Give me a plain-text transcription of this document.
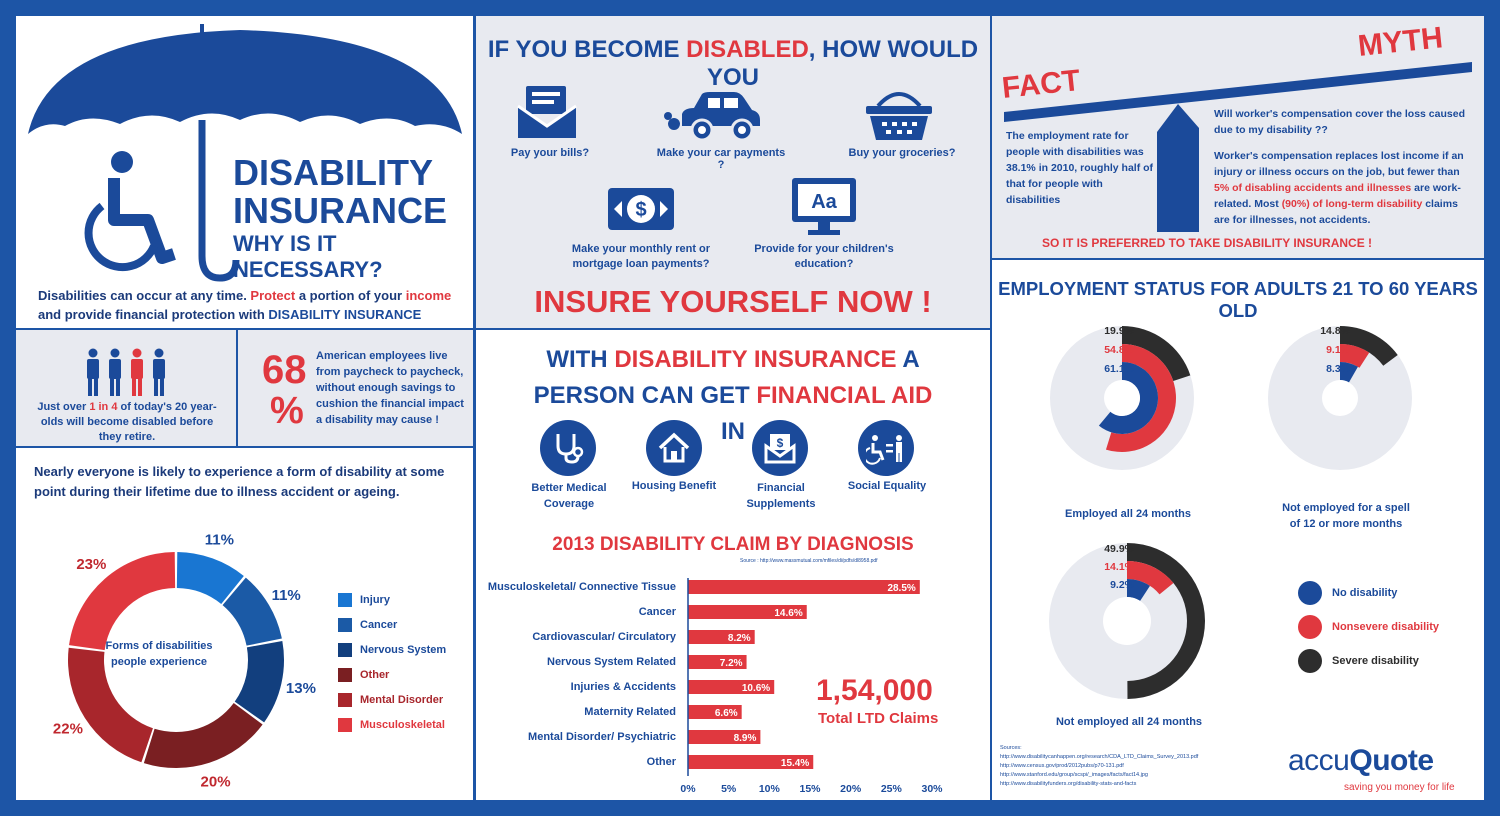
DISABILITY
INSURANCE
WHY IS IT NECESSARY?
Disabilities can occur at any time. Protect a portion of your income and provide financial protection with DISABILITY INSURANCE
Just over 1 in 4 of today's 20 year-olds will become disabled before they retire.
68
%
American employees live from paycheck to paycheck, without enough savings to cushion the financial impact a disability may cause !
Nearly everyone is likely to experience a form of disability at some point during their lifetime due to illness accident or ageing.
11%
11%
13%
20%
22%
23%
Forms of disabilities people experience
Injury
Cancer
Nervous System
Other
Mental Disorder
Musculoskeletal
IF YOU BECOME DISABLED, HOW WOULD YOU
Pay your bills?	Make your car payments ?
Buy your groceries?
$
Make your monthly rent or mortgage loan payments?
Aa
Provide for your children's education?
INSURE YOURSELF NOW !
WITH DISABILITY INSURANCE A PERSON CAN GET FINANCIAL AID IN
Better Medical Coverage
Housing Benefit
$
Financial Supplements
Social Equality
2013 DISABILITY CLAIM BY DIAGNOSIS
Source : http://www.massmutual.com/mfiles/di/pdfs/dl8958.pdf
Musculoskeletal/ Connective Tissue	28.5%
Cancer	14.6%
Cardiovascular/ Circulatory	8.2%
Nervous System Related	7.2%
Injuries & Accidents	10.6%
Maternity Related	6.6%
Mental Disorder/ Psychiatric	8.9%
Other	15.4%
0% 5% 10% 15% 20% 25% 30%
1,54,000
Total LTD Claims
FACT
MYTH
The employment rate for people with disabilities was 38.1% in 2010, roughly half of that for people with disabilities
Will worker's compensation cover the loss caused due to my disability ??
Worker's compensation replaces lost income if an injury or illness occurs on the job, but fewer than 5% of disabling accidents and illnesses are work-related. Most (90%) of long-term disability claims are for illnesses, not accidents.
SO IT IS PREFERRED TO TAKE DISABILITY INSURANCE !
EMPLOYMENT STATUS FOR ADULTS 21 TO 60 YEARS OLD
19.9%
54.8%
61.1%
Employed all 24 months
14.8%
9.1%
8.3%
Not employed for a spell of 12 or more months
49.9%
14.1%
9.2%
Not employed all 24 months
No disability
Nonsevere disability
Severe disability
Sources:
http://www.disabilitycanhappen.org/research/CDA_LTD_Claims_Survey_2013.pdf
http://www.census.gov/prod/2012pubs/p70-131.pdf
http://www.stanford.edu/group/scspi/_images/facts/fact14.jpg
http://www.disabilityfunders.org/disability-stats-and-facts
accuQuote
saving you money for life
